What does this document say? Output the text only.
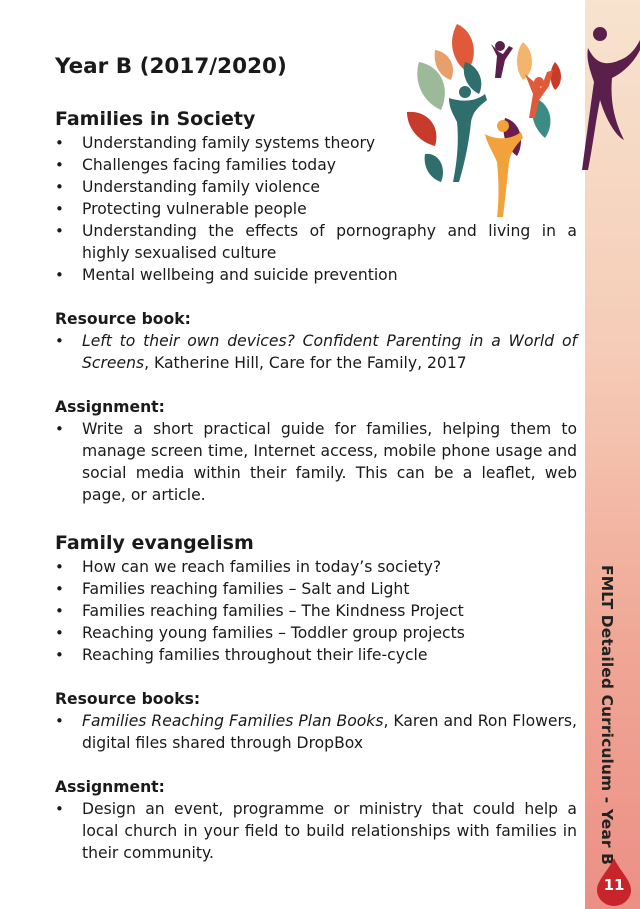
Year B (2017/2020)
Families in Society
• Understanding family systems theory
• Challenges facing families today
• Understanding family violence
• Protecting vulnerable people
• Understanding the effects of pornography and living in a highly sexualised culture
• Mental wellbeing and suicide prevention

Resource book:

• Left to their own devices? Confident Parenting in a World of Screens, Katherine Hill, Care for the Family, 2017

Assignment:

• Write a short practical guide for families, helping them to manage screen time, Internet access, mobile phone usage and social media within their family. This can be a leaflet, web page, or article.
Family evangelism
• How can we reach families in today’s society?
• Families reaching families – Salt and Light
• Families reaching families – The Kindness Project
• Reaching young families – Toddler group projects
• Reaching families throughout their life-cycle

Resource books:

• Families Reaching Families Plan Books, Karen and Ron Flowers, digital files shared through DropBox

Assignment:

• Design an event, programme or ministry that could help a local church in your field to build relationships with families in their community.	FMLT Detailed Curriculum - Year B
11
